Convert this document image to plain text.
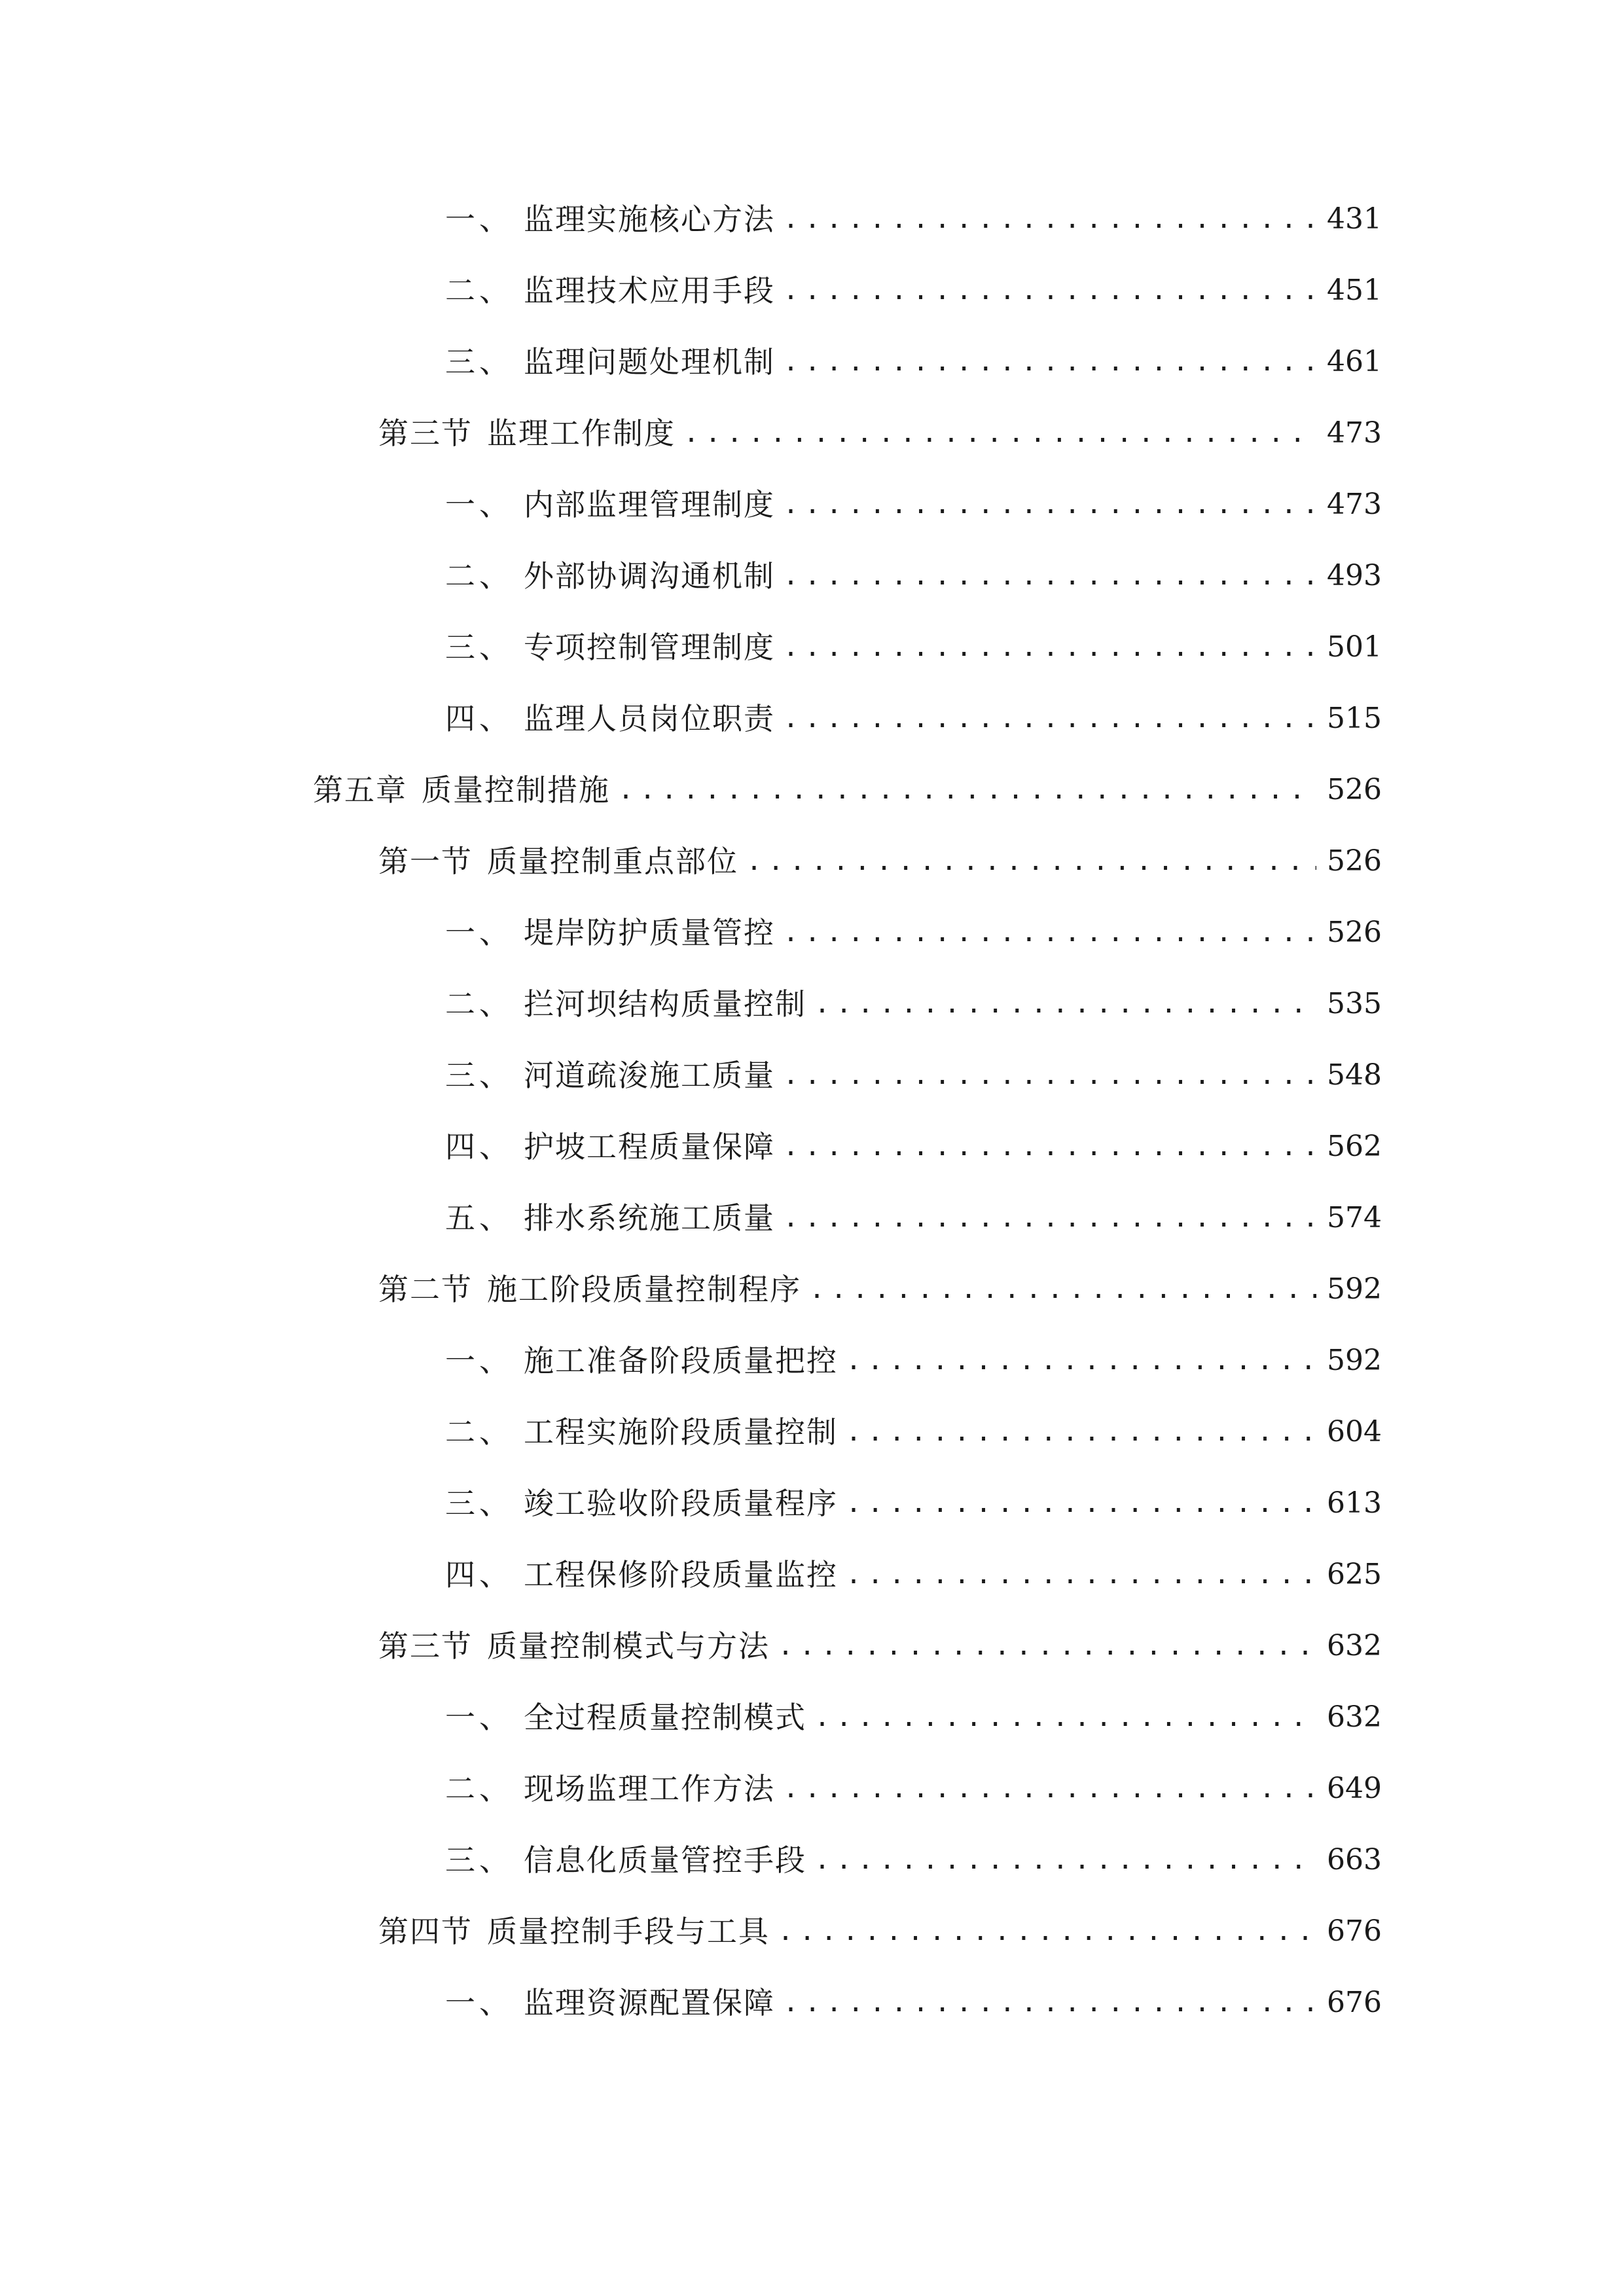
一、 监理实施核心方法 .....	431
二、 监理技术应用手段 .....	451
三、 监理问题处理机制 .....	461
第三节 监理工作制度 .....	473
一、 内部监理管理制度 .....	473
二、 外部协调沟通机制 .....	493
三、 专项控制管理制度 .....	501
四、 监理人员岗位职责 .....	515
第五章 质量控制措施 .....	526
第一节 质量控制重点部位 .....	526
一、 堤岸防护质量管控 .....	526
二、 拦河坝结构质量控制 .....	535
三、 河道疏浚施工质量 .....	548
四、 护坡工程质量保障 .....	562
五、 排水系统施工质量 .....	574
第二节 施工阶段质量控制程序 .....	592
一、 施工准备阶段质量把控 .....	592
二、 工程实施阶段质量控制 .....	604
三、 竣工验收阶段质量程序 .....	613
四、 工程保修阶段质量监控 .....	625
第三节 质量控制模式与方法 .....	632
一、 全过程质量控制模式 .....	632
二、 现场监理工作方法 .....	649
三、 信息化质量管控手段 .....	663
第四节 质量控制手段与工具 .....	676
一、 监理资源配置保障 .....	676
